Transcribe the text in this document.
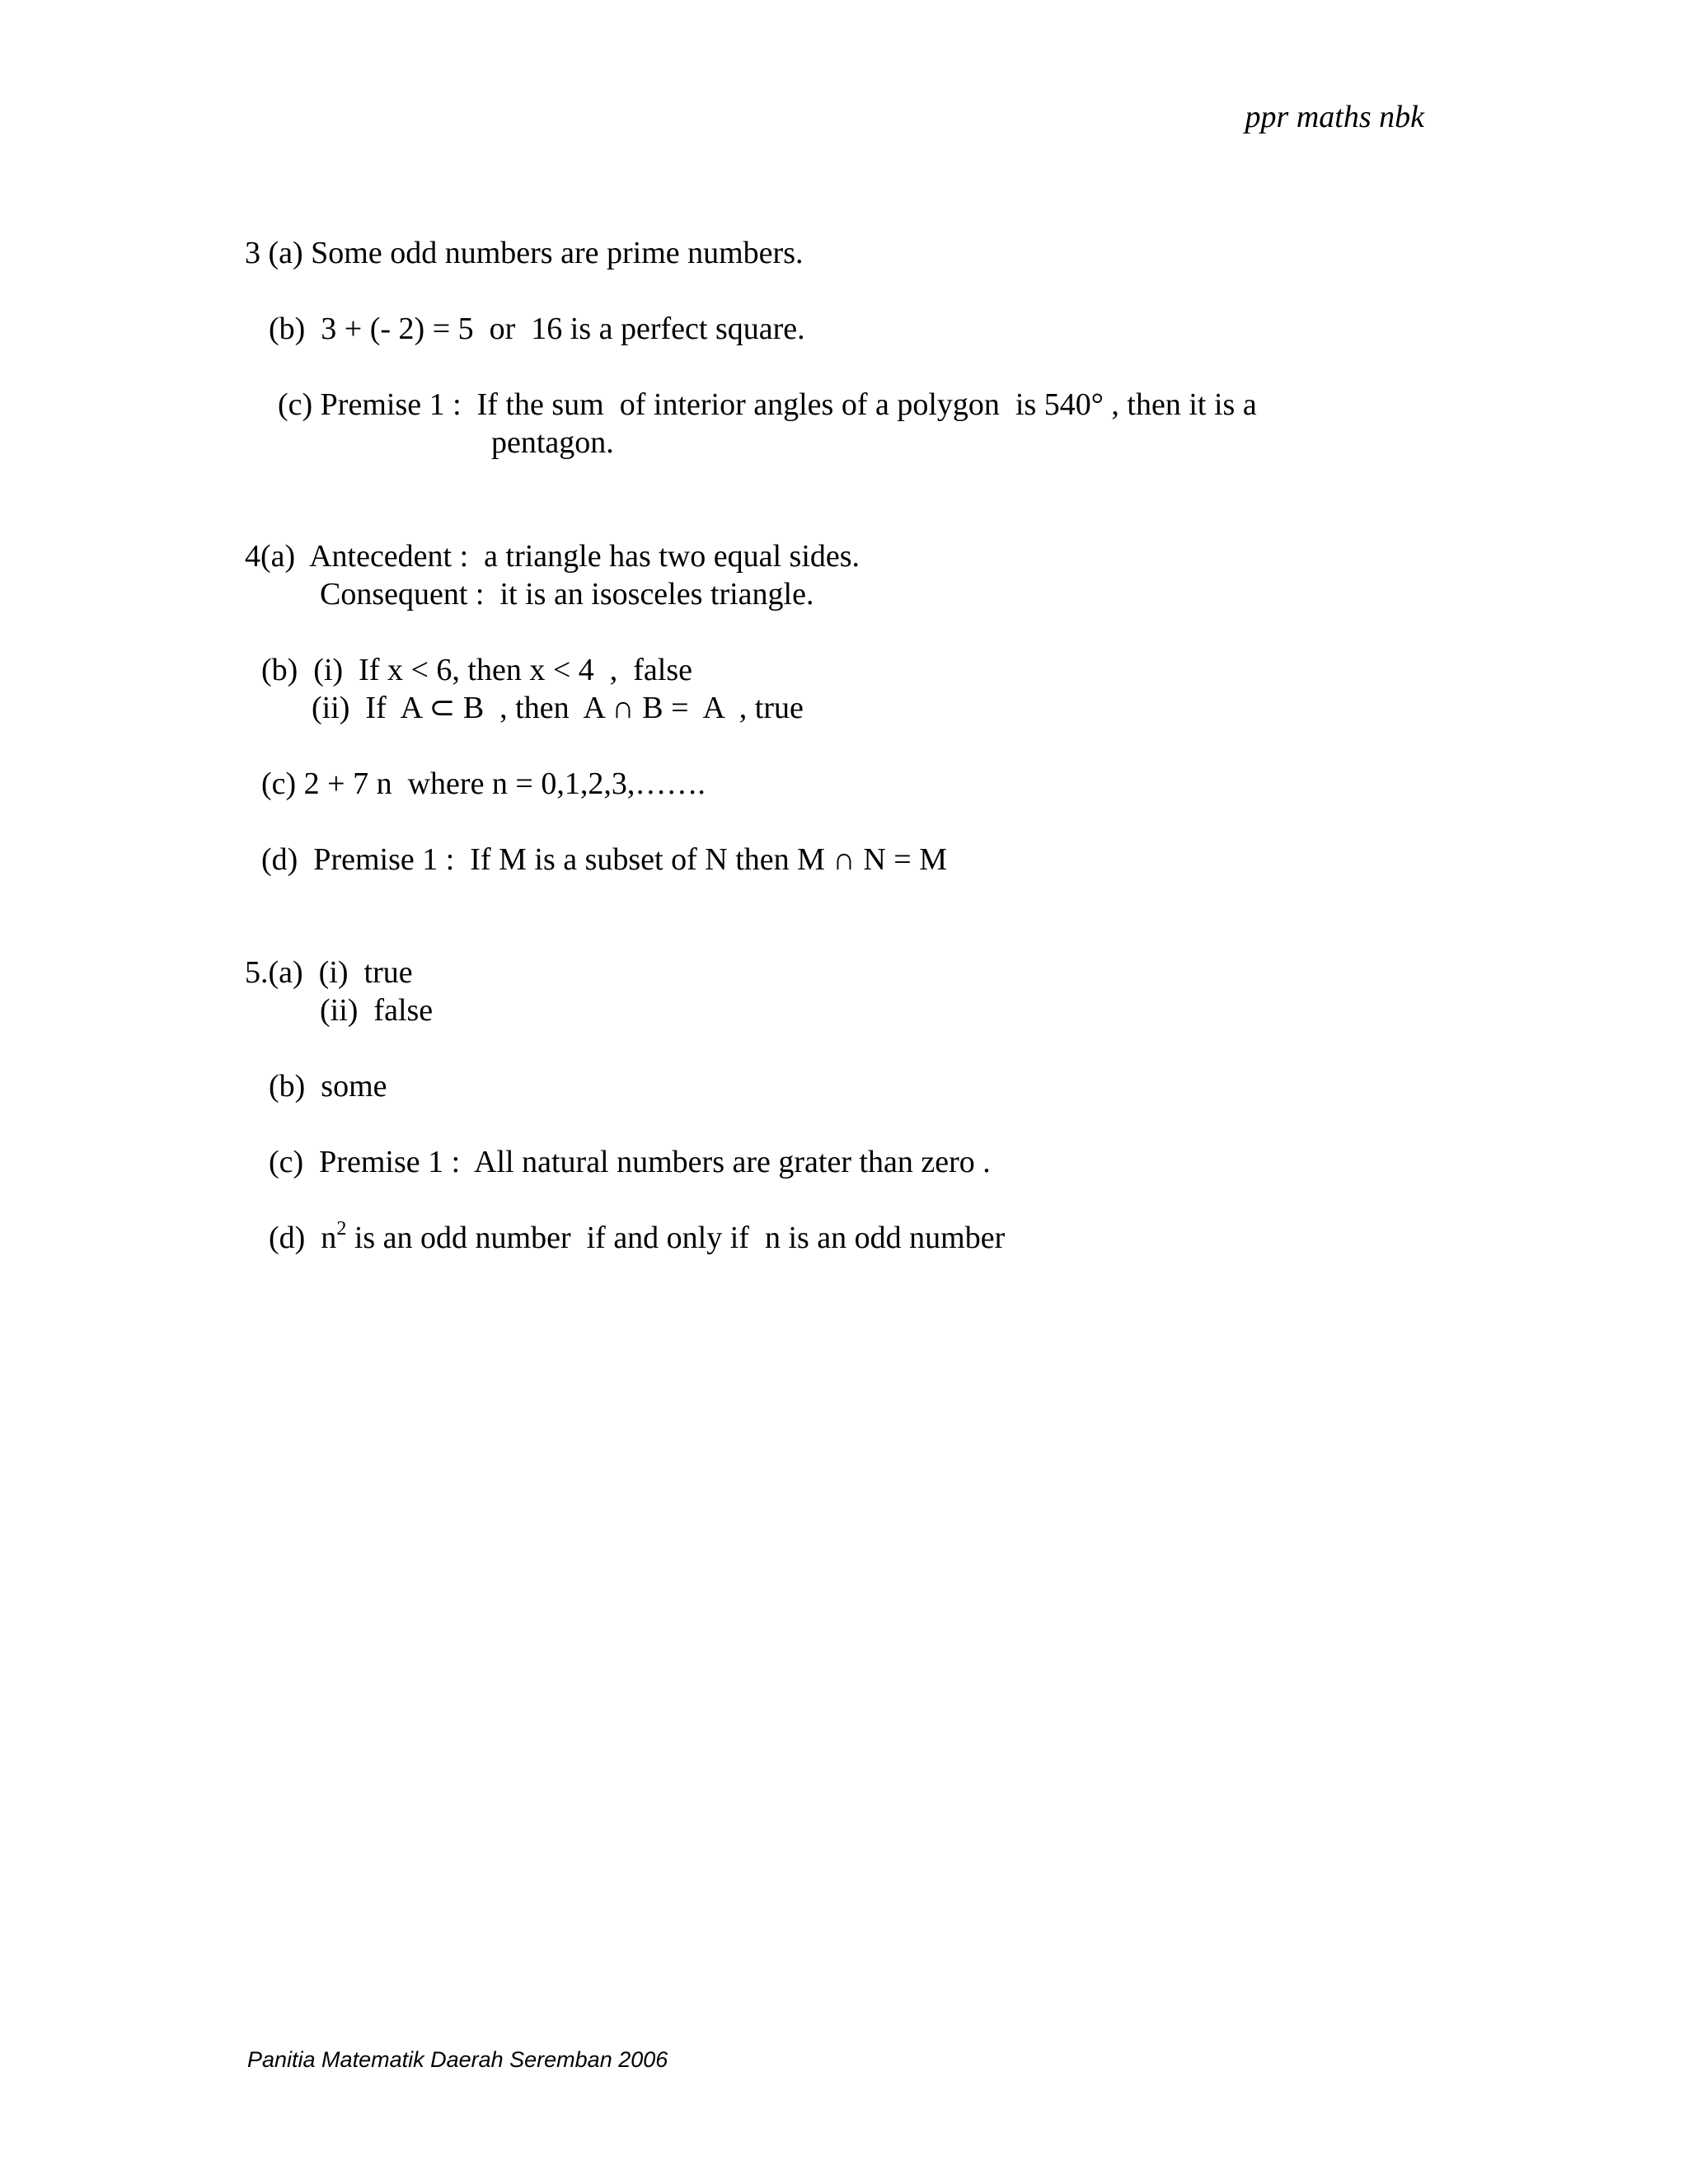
ppr maths nbk
3 (a) Some odd numbers are prime numbers.
(b)  3 + (- 2) = 5  or  16 is a perfect square.
(c) Premise 1 :  If the sum  of interior angles of a polygon  is 540° , then it is a
pentagon.
4(a)  Antecedent :  a triangle has two equal sides.
Consequent :  it is an isosceles triangle.
(b)  (i)  If x < 6, then x < 4  ,  false
(ii)  If  A ⊂ B  , then  A ∩ B =  A  , true
(c) 2 + 7 n  where n = 0,1,2,3,…….
(d)  Premise 1 :  If M is a subset of N then M ∩ N = M
5.(a)  (i)  true
(ii)  false
(b)  some
(c)  Premise 1 :  All natural numbers are grater than zero .
(d)  $n^2$ is an odd number  if and only if  n is an odd number
Panitia Matematik Daerah Seremban 2006
